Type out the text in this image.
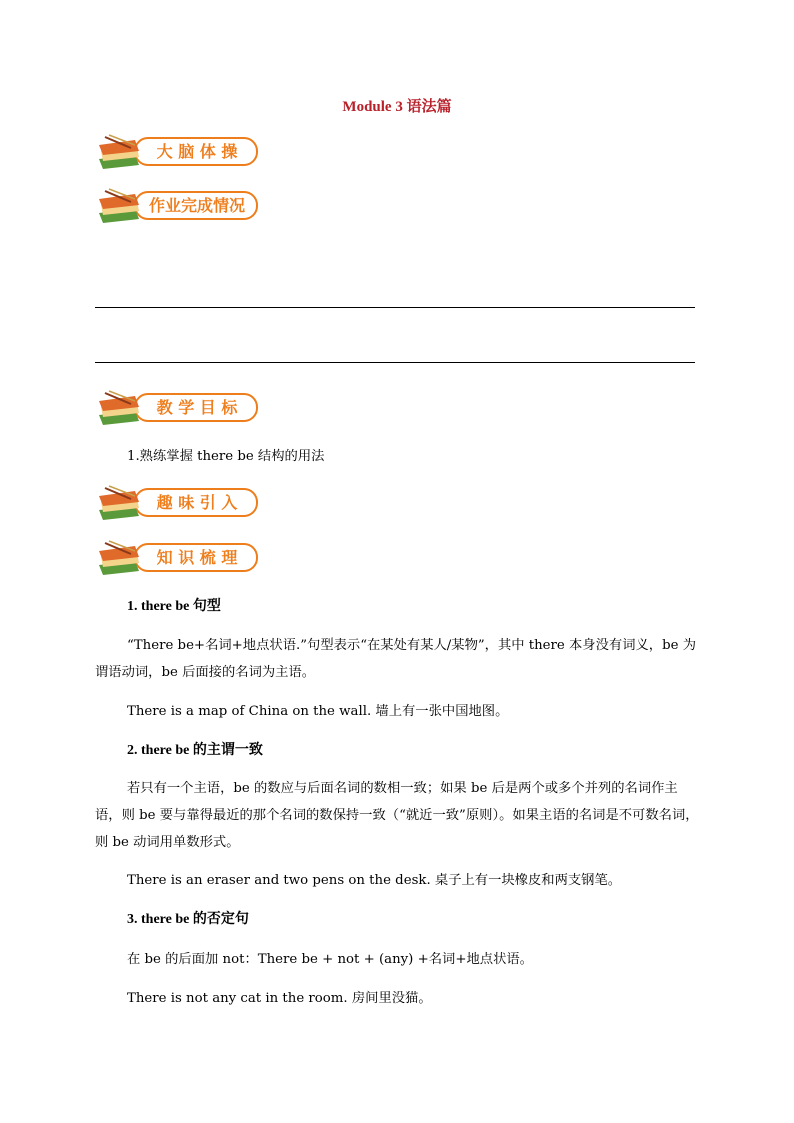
Module 3 语法篇
大 脑 体 操
作业完成情况
教 学 目 标

1.熟练掌握 there be 结构的用法

趣 味 引 入
知 识 梳 理

1. there be 句型

“There be+名词+地点状语.”句型表示“在某处有某人/某物”，其中 there 本身没有词义，be 为谓语动词，be 后面接的名词为主语。

There is a map of China on the wall. 墙上有一张中国地图。

2. there be 的主谓一致

若只有一个主语，be 的数应与后面名词的数相一致；如果 be 后是两个或多个并列的名词作主语，则 be 要与靠得最近的那个名词的数保持一致（“就近一致”原则）。如果主语的名词是不可数名词，则 be 动词用单数形式。

There is an eraser and two pens on the desk. 桌子上有一块橡皮和两支钢笔。

3. there be 的否定句

在 be 的后面加 not：There be + not + (any) +名词+地点状语。

There is not any cat in the room. 房间里没猫。
